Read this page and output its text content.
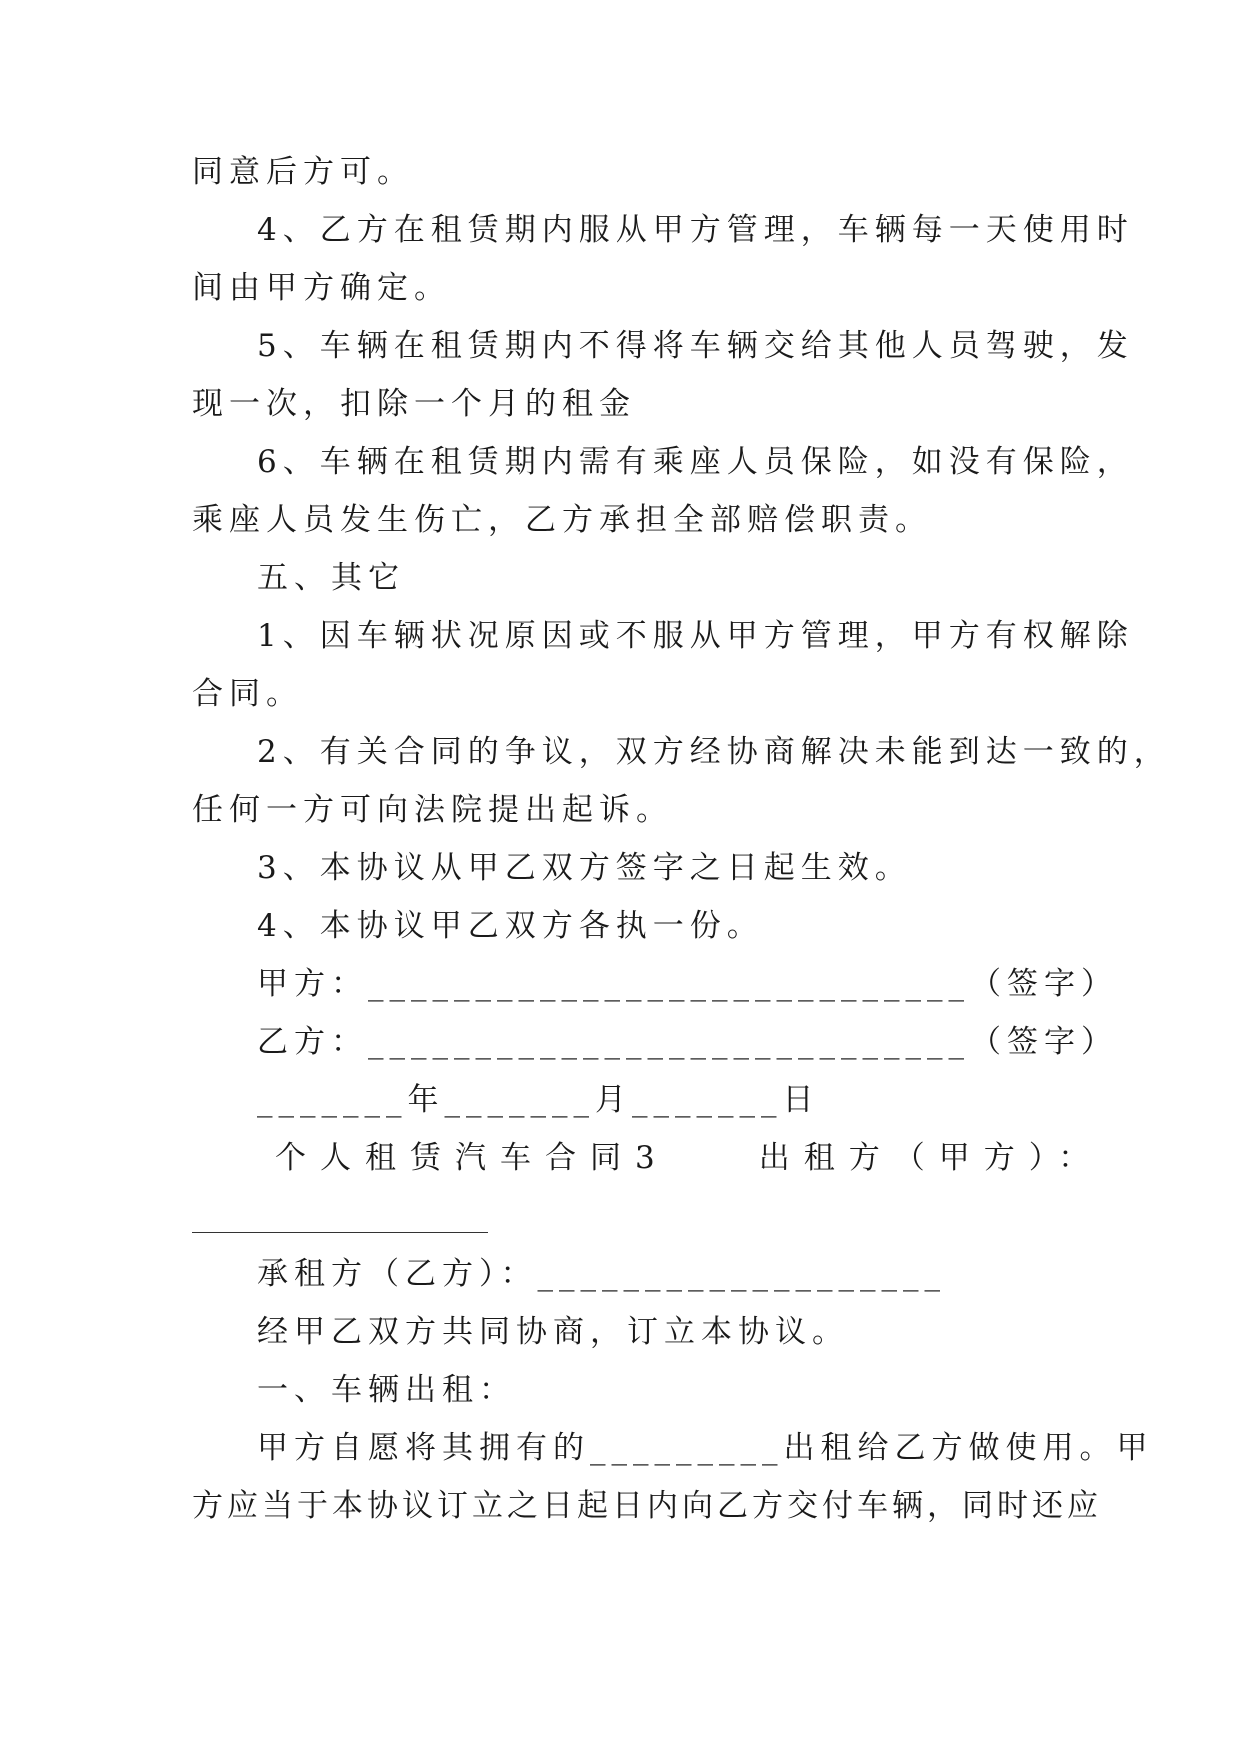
同意后方可。
4、乙方在租赁期内服从甲方管理，车辆每一天使用时
间由甲方确定。
5、车辆在租赁期内不得将车辆交给其他人员驾驶，发
现一次，扣除一个月的租金
6、车辆在租赁期内需有乘座人员保险，如没有保险，
乘座人员发生伤亡，乙方承担全部赔偿职责。
五、其它
1、因车辆状况原因或不服从甲方管理，甲方有权解除
合同。
2、有关合同的争议，双方经协商解决未能到达一致的，
任何一方可向法院提出起诉。
3、本协议从甲乙双方签字之日起生效。
4、本协议甲乙双方各执一份。
甲方：____________________________（签字）
乙方：____________________________（签字）
_______年_______月_______日
个人租赁汽车合同3　　出租方（甲方）：
承租方（乙方）：___________________
经甲乙双方共同协商，订立本协议。
一、车辆出租：
甲方自愿将其拥有的_________出租给乙方做使用。甲
方应当于本协议订立之日起日内向乙方交付车辆，同时还应
